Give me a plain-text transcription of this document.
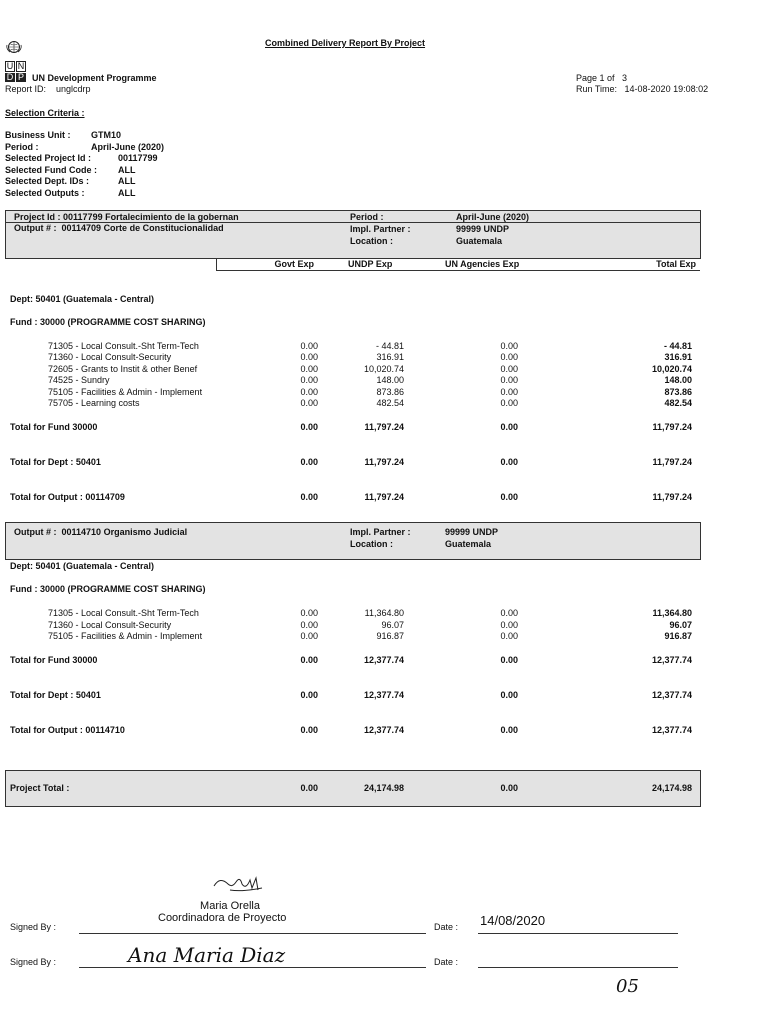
Combined Delivery Report By Project
U N
D P UN Development Programme
Report ID: unglcdrp
Page 1 of 3
Run Time: 14-08-2020 19:08:02
Selection Criteria :
Business Unit : GTM10
Period :	April-June (2020)
Selected Project Id :	00117799
Selected Fund Code : ALL
Selected Dept. IDs :	ALL
Selected Outputs :	ALL
Project Id : 00117799 Fortalecimiento de la gobernan
Output # : 00114709 Corte de Constitucionalidad
Period :	April-June (2020)
Impl. Partner :	99999 UNDP
Location :	Guatemala
Govt Exp	UNDP Exp	UN Agencies Exp	Total Exp
Dept: 50401 (Guatemala - Central)
Fund : 30000 (PROGRAMME COST SHARING)
71305 - Local Consult.-Sht Term-Tech	0.00	- 44.81	0.00	- 44.81
71360 - Local Consult-Security	0.00	316.91	0.00	316.91
72605 - Grants to Instit & other Benef	0.00	10,020.74	0.00	10,020.74
74525 - Sundry	0.00	148.00	0.00	148.00
75105 - Facilities & Admin - Implement	0.00	873.86	0.00	873.86
75705 - Learning costs	0.00	482.54	0.00	482.54
Total for Fund 30000	0.00	11,797.24	0.00	11,797.24
Total for Dept : 50401	0.00	11,797.24	0.00	11,797.24
Total for Output : 00114709	0.00	11,797.24	0.00	11,797.24
Output # : 00114710 Organismo Judicial	Impl. Partner :	99999 UNDP
Location :	Guatemala
Dept: 50401 (Guatemala - Central)
Fund : 30000 (PROGRAMME COST SHARING)
71305 - Local Consult.-Sht Term-Tech	0.00	11,364.80	0.00	11,364.80
71360 - Local Consult-Security	0.00	96.07	0.00	96.07
75105 - Facilities & Admin - Implement	0.00	916.87	0.00	916.87
Total for Fund 30000	0.00	12,377.74	0.00	12,377.74
Total for Dept : 50401	0.00	12,377.74	0.00	12,377.74
Total for Output : 00114710	0.00	12,377.74	0.00	12,377.74
Project Total :	0.00	24,174.98	0.00	24,174.98
Maria Orella
Coordinadora de Proyecto
Signed By :	Date : 14/08/2020
Signed By :	Ana Maria Diaz	Date :
05
